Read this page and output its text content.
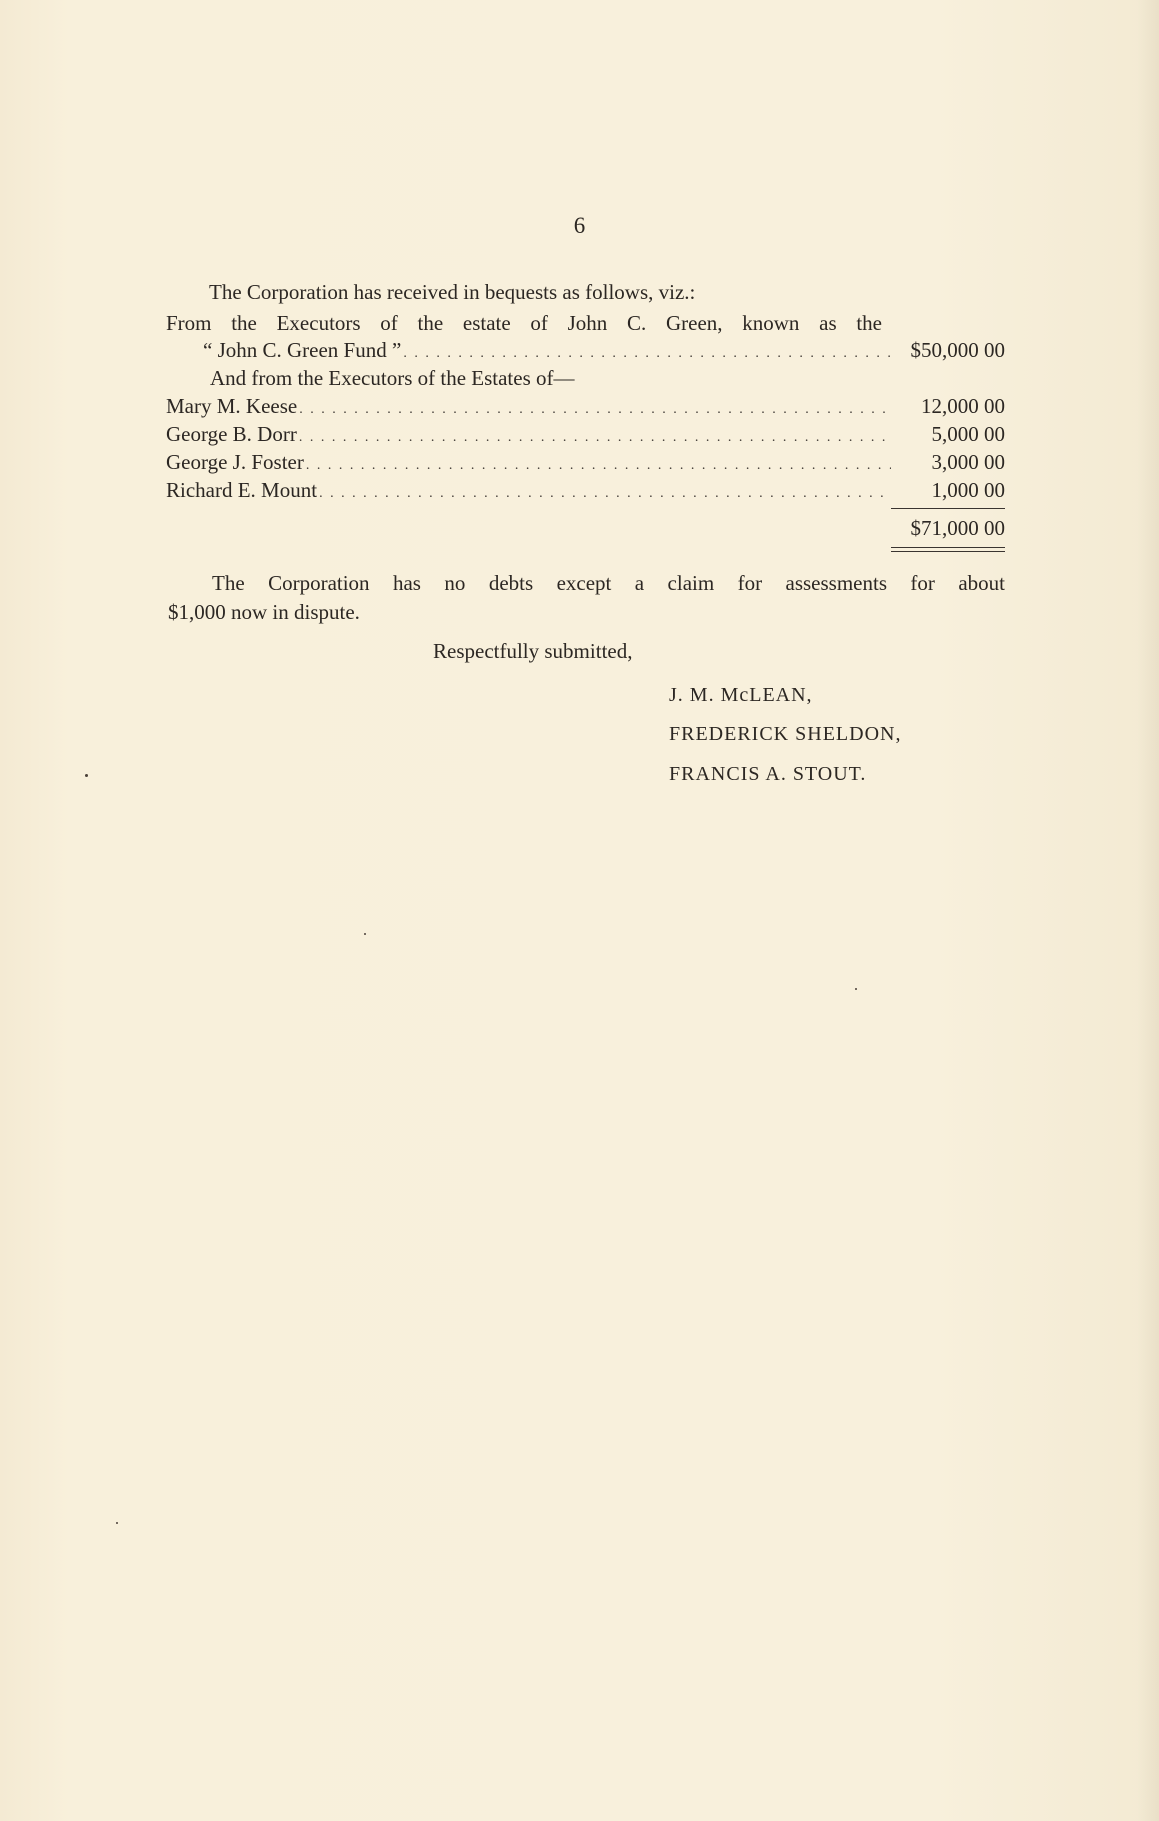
6
The Corporation has received in bequests as follows, viz.:
From the Executors of the estate of John C. Green, known as the
“ John C. Green Fund ” . . .	$50,000 00
And from the Executors of the Estates of—
Mary M. Keese . . .	12,000 00
George B. Dorr . . .	5,000 00
George J. Foster . . .	3,000 00
Richard E. Mount . . .	1,000 00
$71,000 00
The Corporation has no debts except a claim for assessments for about
$1,000 now in dispute.
Respectfully submitted,
J. M. McLEAN,
FREDERICK SHELDON,
FRANCIS A. STOUT.
